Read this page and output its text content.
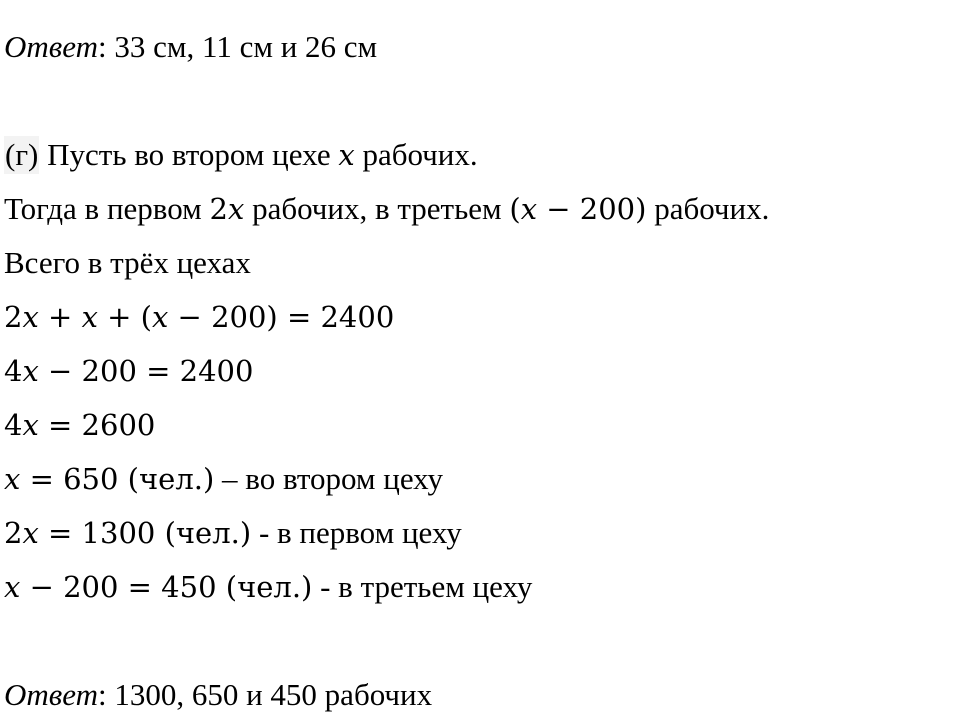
Ответ: 33 см, 11 см и 26 см
(г) Пусть во втором цехе x рабочих.
Тогда в первом 2x рабочих, в третьем (x − 200) рабочих.
Всего в трёх цехах
2x + x + (x − 200) = 2400
4x − 200 = 2400
4x = 2600
x = 650 (чел.) – во втором цеху
2x = 1300 (чел.) - в первом цеху
x − 200 = 450 (чел.) - в третьем цеху
Ответ: 1300, 650 и 450 рабочих
